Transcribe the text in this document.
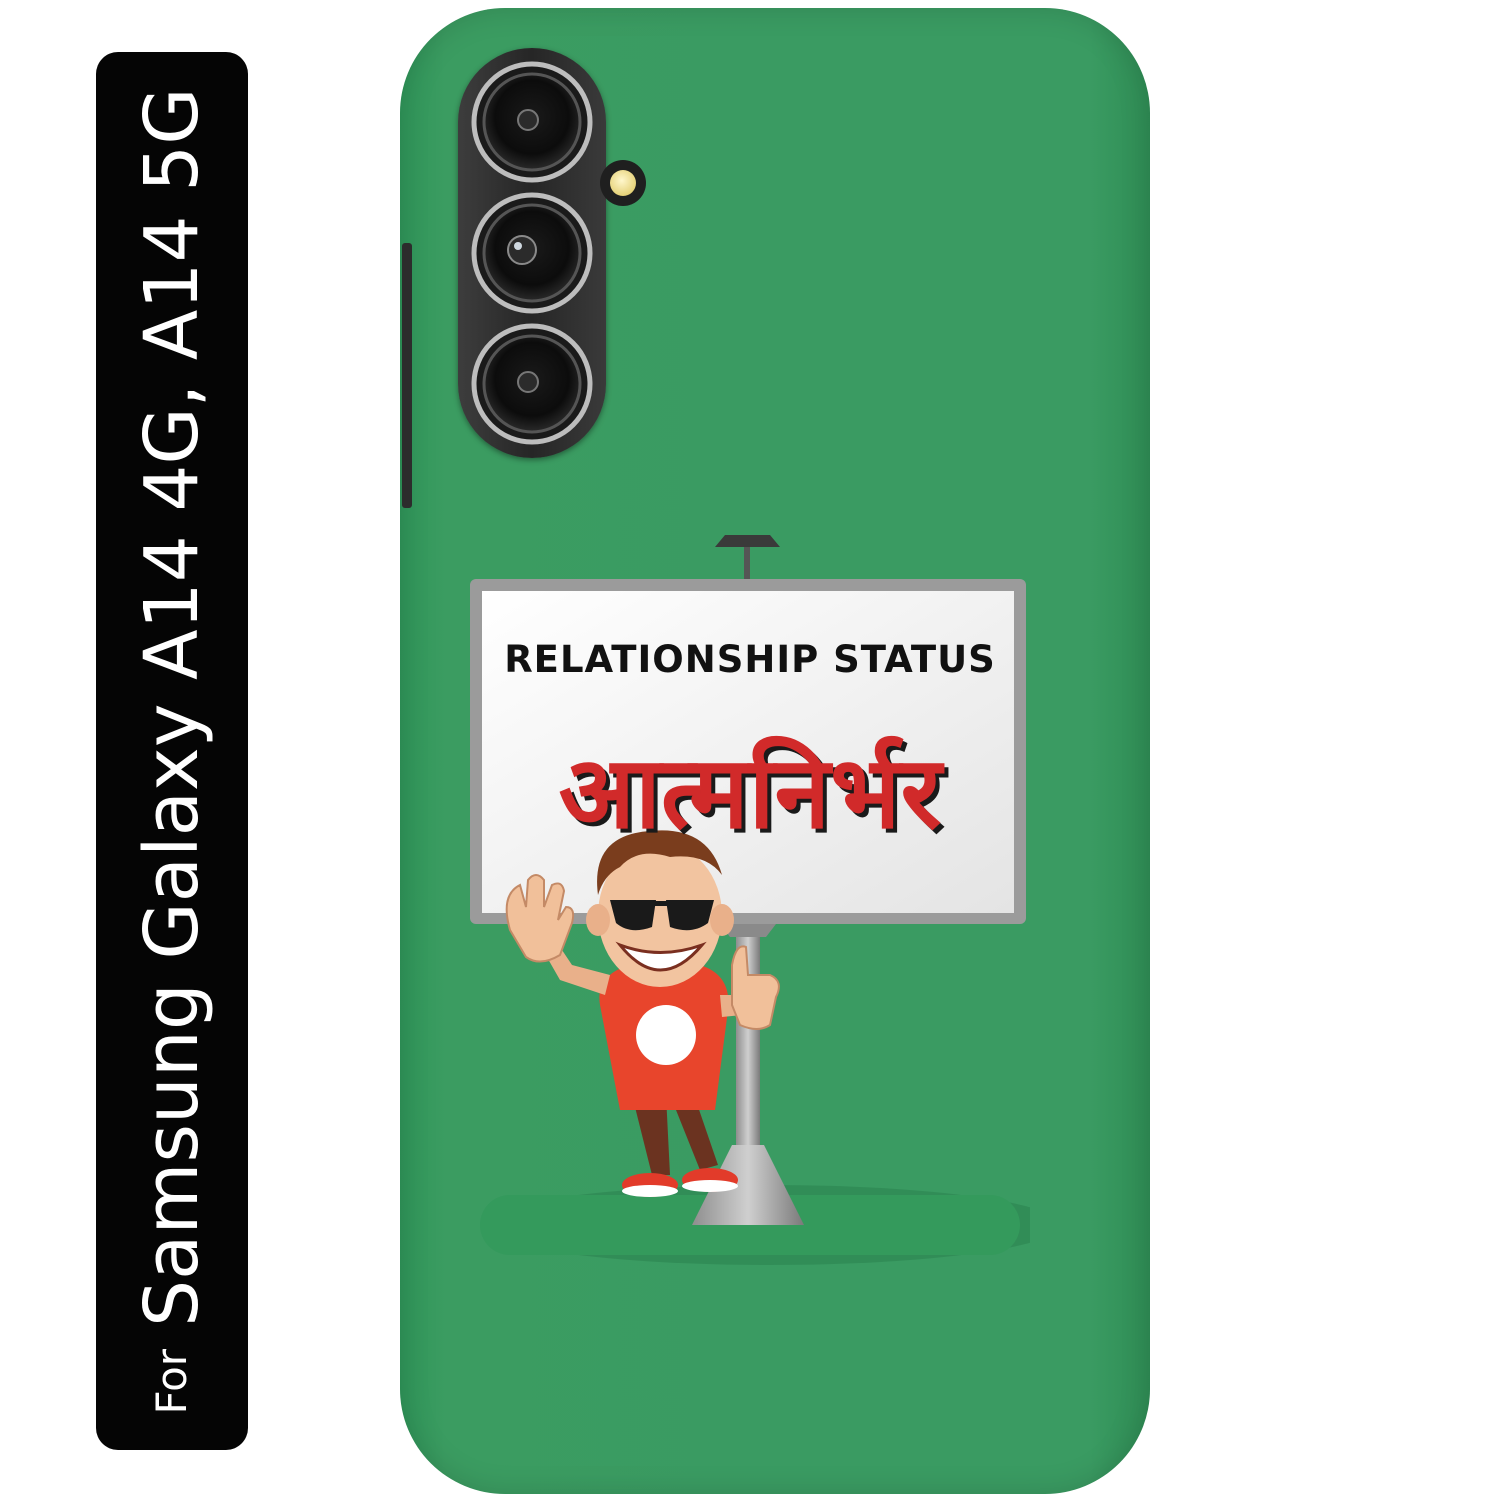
ForSamsung Galaxy A14 4G, A14 5G	RELATIONSHIP STATUS
आत्मनिर्भर
